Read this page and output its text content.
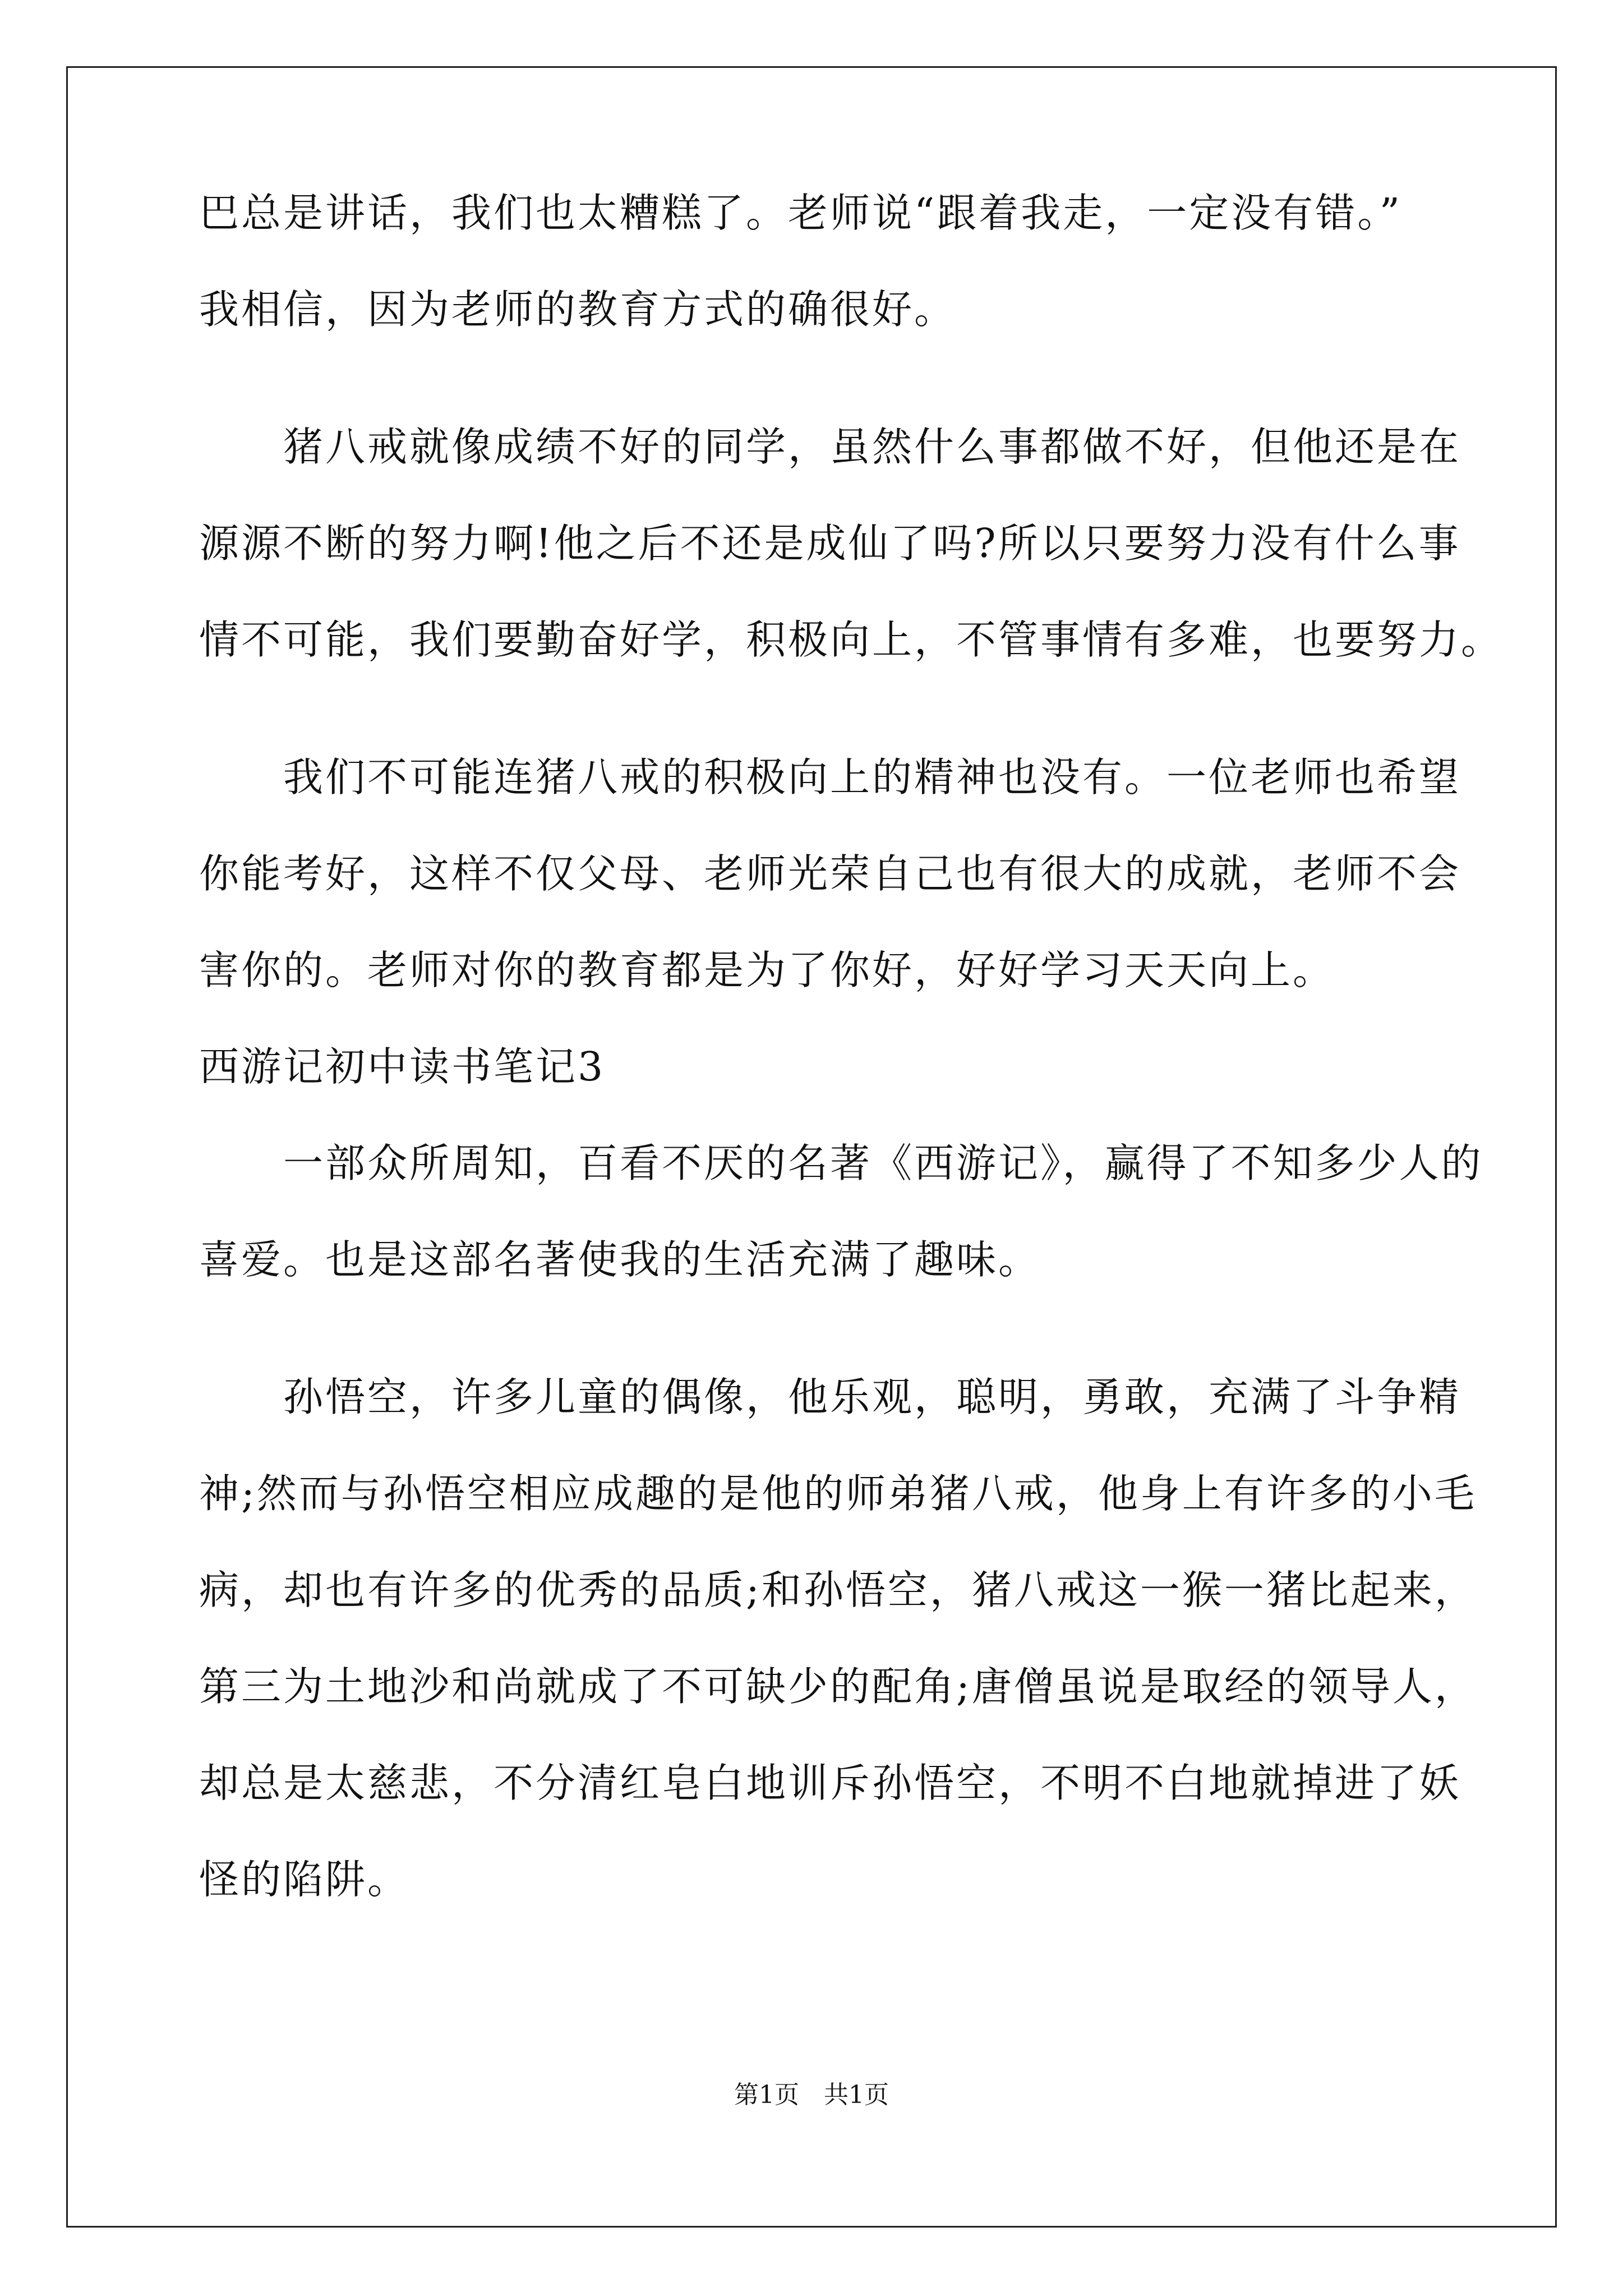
巴总是讲话，我们也太糟糕了。老师说“跟着我走，一定没有错。”
我相信，因为老师的教育方式的确很好。
　　猪八戒就像成绩不好的同学，虽然什么事都做不好，但他还是在
源源不断的努力啊!他之后不还是成仙了吗?所以只要努力没有什么事
情不可能，我们要勤奋好学，积极向上，不管事情有多难，也要努力。
　　我们不可能连猪八戒的积极向上的精神也没有。一位老师也希望
你能考好，这样不仅父母、老师光荣自己也有很大的成就，老师不会
害你的。老师对你的教育都是为了你好，好好学习天天向上。
西游记初中读书笔记3
　　一部众所周知，百看不厌的名著《西游记》，赢得了不知多少人的
喜爱。也是这部名著使我的生活充满了趣味。
　　孙悟空，许多儿童的偶像，他乐观，聪明，勇敢，充满了斗争精
神;然而与孙悟空相应成趣的是他的师弟猪八戒，他身上有许多的小毛
病，却也有许多的优秀的品质;和孙悟空，猪八戒这一猴一猪比起来，
第三为土地沙和尚就成了不可缺少的配角;唐僧虽说是取经的领导人，
却总是太慈悲，不分清红皂白地训斥孙悟空，不明不白地就掉进了妖
怪的陷阱。
第1页　共1页
